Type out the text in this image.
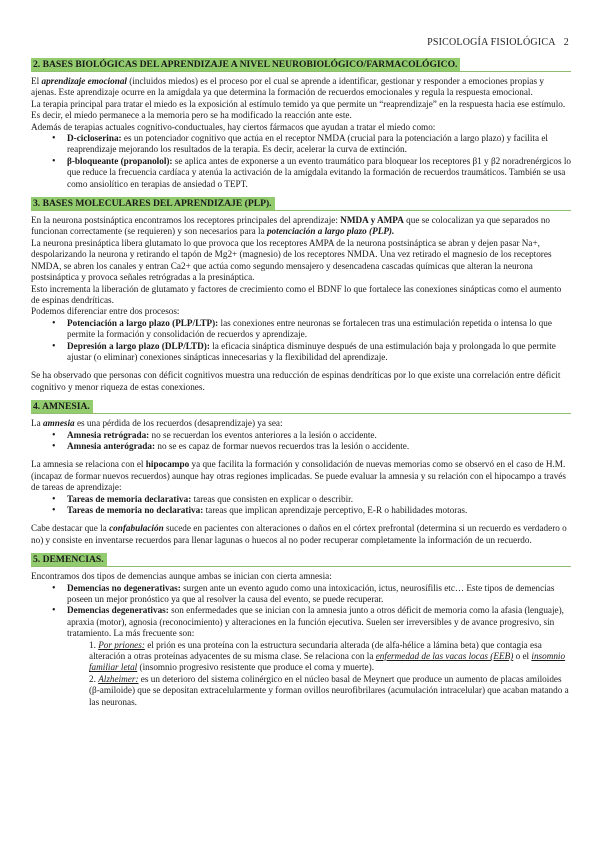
PSICOLOGÍA FISIOLÓGICA 2
2. BASES BIOLÓGICAS DEL APRENDIZAJE A NIVEL NEUROBIOLÓGICO/FARMACOLÓGICO.

El aprendizaje emocional (incluidos miedos) es el proceso por el cual se aprende a identificar, gestionar y responder a emociones propias y ajenas. Este aprendizaje ocurre en la amígdala ya que determina la formación de recuerdos emocionales y regula la respuesta emocional.

La terapia principal para tratar el miedo es la exposición al estímulo temido ya que permite un “reaprendizaje” en la respuesta hacia ese estímulo. Es decir, el miedo permanece a la memoria pero se ha modificado la reacción ante este.

Además de terapias actuales cognitivo-conductuales, hay ciertos fármacos que ayudan a tratar el miedo como:

• D-cicloserina: es un potenciador cognitivo que actúa en el receptor NMDA (crucial para la potenciación a largo plazo) y facilita el reaprendizaje mejorando los resultados de la terapia. Es decir, acelerar la curva de extinción.
• β-bloqueante (propanolol): se aplica antes de exponerse a un evento traumático para bloquear los receptores β1 y β2 noradrenérgicos lo que reduce la frecuencia cardíaca y atenúa la activación de la amígdala evitando la formación de recuerdos traumáticos. También se usa como ansiolítico en terapias de ansiedad o TEPT.
3. BASES MOLECULARES DEL APRENDIZAJE (PLP).

En la neurona postsináptica encontramos los receptores principales del aprendizaje: NMDA y AMPA que se colocalizan ya que separados no funcionan correctamente (se requieren) y son necesarios para la potenciación a largo plazo (PLP).

La neurona presináptica libera glutamato lo que provoca que los receptores AMPA de la neurona postsináptica se abran y dejen pasar Na+, despolarizando la neurona y retirando el tapón de Mg2+ (magnesio) de los receptores NMDA. Una vez retirado el magnesio de los receptores NMDA, se abren los canales y entran Ca2+ que actúa como segundo mensajero y desencadena cascadas químicas que alteran la neurona postsináptica y provoca señales retrógradas a la presináptica.

Esto incrementa la liberación de glutamato y factores de crecimiento como el BDNF lo que fortalece las conexiones sinápticas como el aumento de espinas dendríticas.

Podemos diferenciar entre dos procesos:

• Potenciación a largo plazo (PLP/LTP): las conexiones entre neuronas se fortalecen tras una estimulación repetida o intensa lo que permite la formación y consolidación de recuerdos y aprendizaje.
• Depresión a largo plazo (DLP/LTD): la eficacia sináptica disminuye después de una estimulación baja y prolongada lo que permite ajustar (o eliminar) conexiones sinápticas innecesarias y la flexibilidad del aprendizaje.

Se ha observado que personas con déficit cognitivos muestra una reducción de espinas dendríticas por lo que existe una correlación entre déficit cognitivo y menor riqueza de estas conexiones.

4. AMNESIA.

La amnesia es una pérdida de los recuerdos (desaprendizaje) ya sea:

• Amnesia retrógrada: no se recuerdan los eventos anteriores a la lesión o accidente.
• Amnesia anterógrada: no se es capaz de formar nuevos recuerdos tras la lesión o accidente.

La amnesia se relaciona con el hipocampo ya que facilita la formación y consolidación de nuevas memorias como se observó en el caso de H.M. (incapaz de formar nuevos recuerdos) aunque hay otras regiones implicadas. Se puede evaluar la amnesia y su relación con el hipocampo a través de tareas de aprendizaje:

• Tareas de memoria declarativa: tareas que consisten en explicar o describir.
• Tareas de memoria no declarativa: tareas que implican aprendizaje perceptivo, E-R o habilidades motoras.

Cabe destacar que la confabulación sucede en pacientes con alteraciones o daños en el córtex prefrontal (determina si un recuerdo es verdadero o no) y consiste en inventarse recuerdos para llenar lagunas o huecos al no poder recuperar completamente la información de un recuerdo.

5. DEMENCIAS.

Encontramos dos tipos de demencias aunque ambas se inician con cierta amnesia:

• Demencias no degenerativas: surgen ante un evento agudo como una intoxicación, ictus, neurosífilis etc… Este tipos de demencias poseen un mejor pronóstico ya que al resolver la causa del evento, se puede recuperar.
• Demencias degenerativas: son enfermedades que se inician con la amnesia junto a otros déficit de memoria como la afasia (lenguaje), apraxia (motor), agnosia (reconocimiento) y alteraciones en la función ejecutiva. Suelen ser irreversibles y de avance progresivo, sin tratamiento. La más frecuente son:
1. Por priones: el prión es una proteína con la estructura secundaria alterada (de alfa-hélice a lámina beta) que contagia esa alteración a otras proteínas adyacentes de su misma clase. Se relaciona con la enfermedad de las vacas locas (EEB) o el insomnio familiar letal (insomnio progresivo resistente que produce el coma y muerte).
2. Alzheimer: es un deterioro del sistema colinérgico en el núcleo basal de Meynert que produce un aumento de placas amiloides (β-amiloide) que se depositan extracelularmente y forman ovillos neurofibrilares (acumulación intracelular) que acaban matando a las neuronas.
